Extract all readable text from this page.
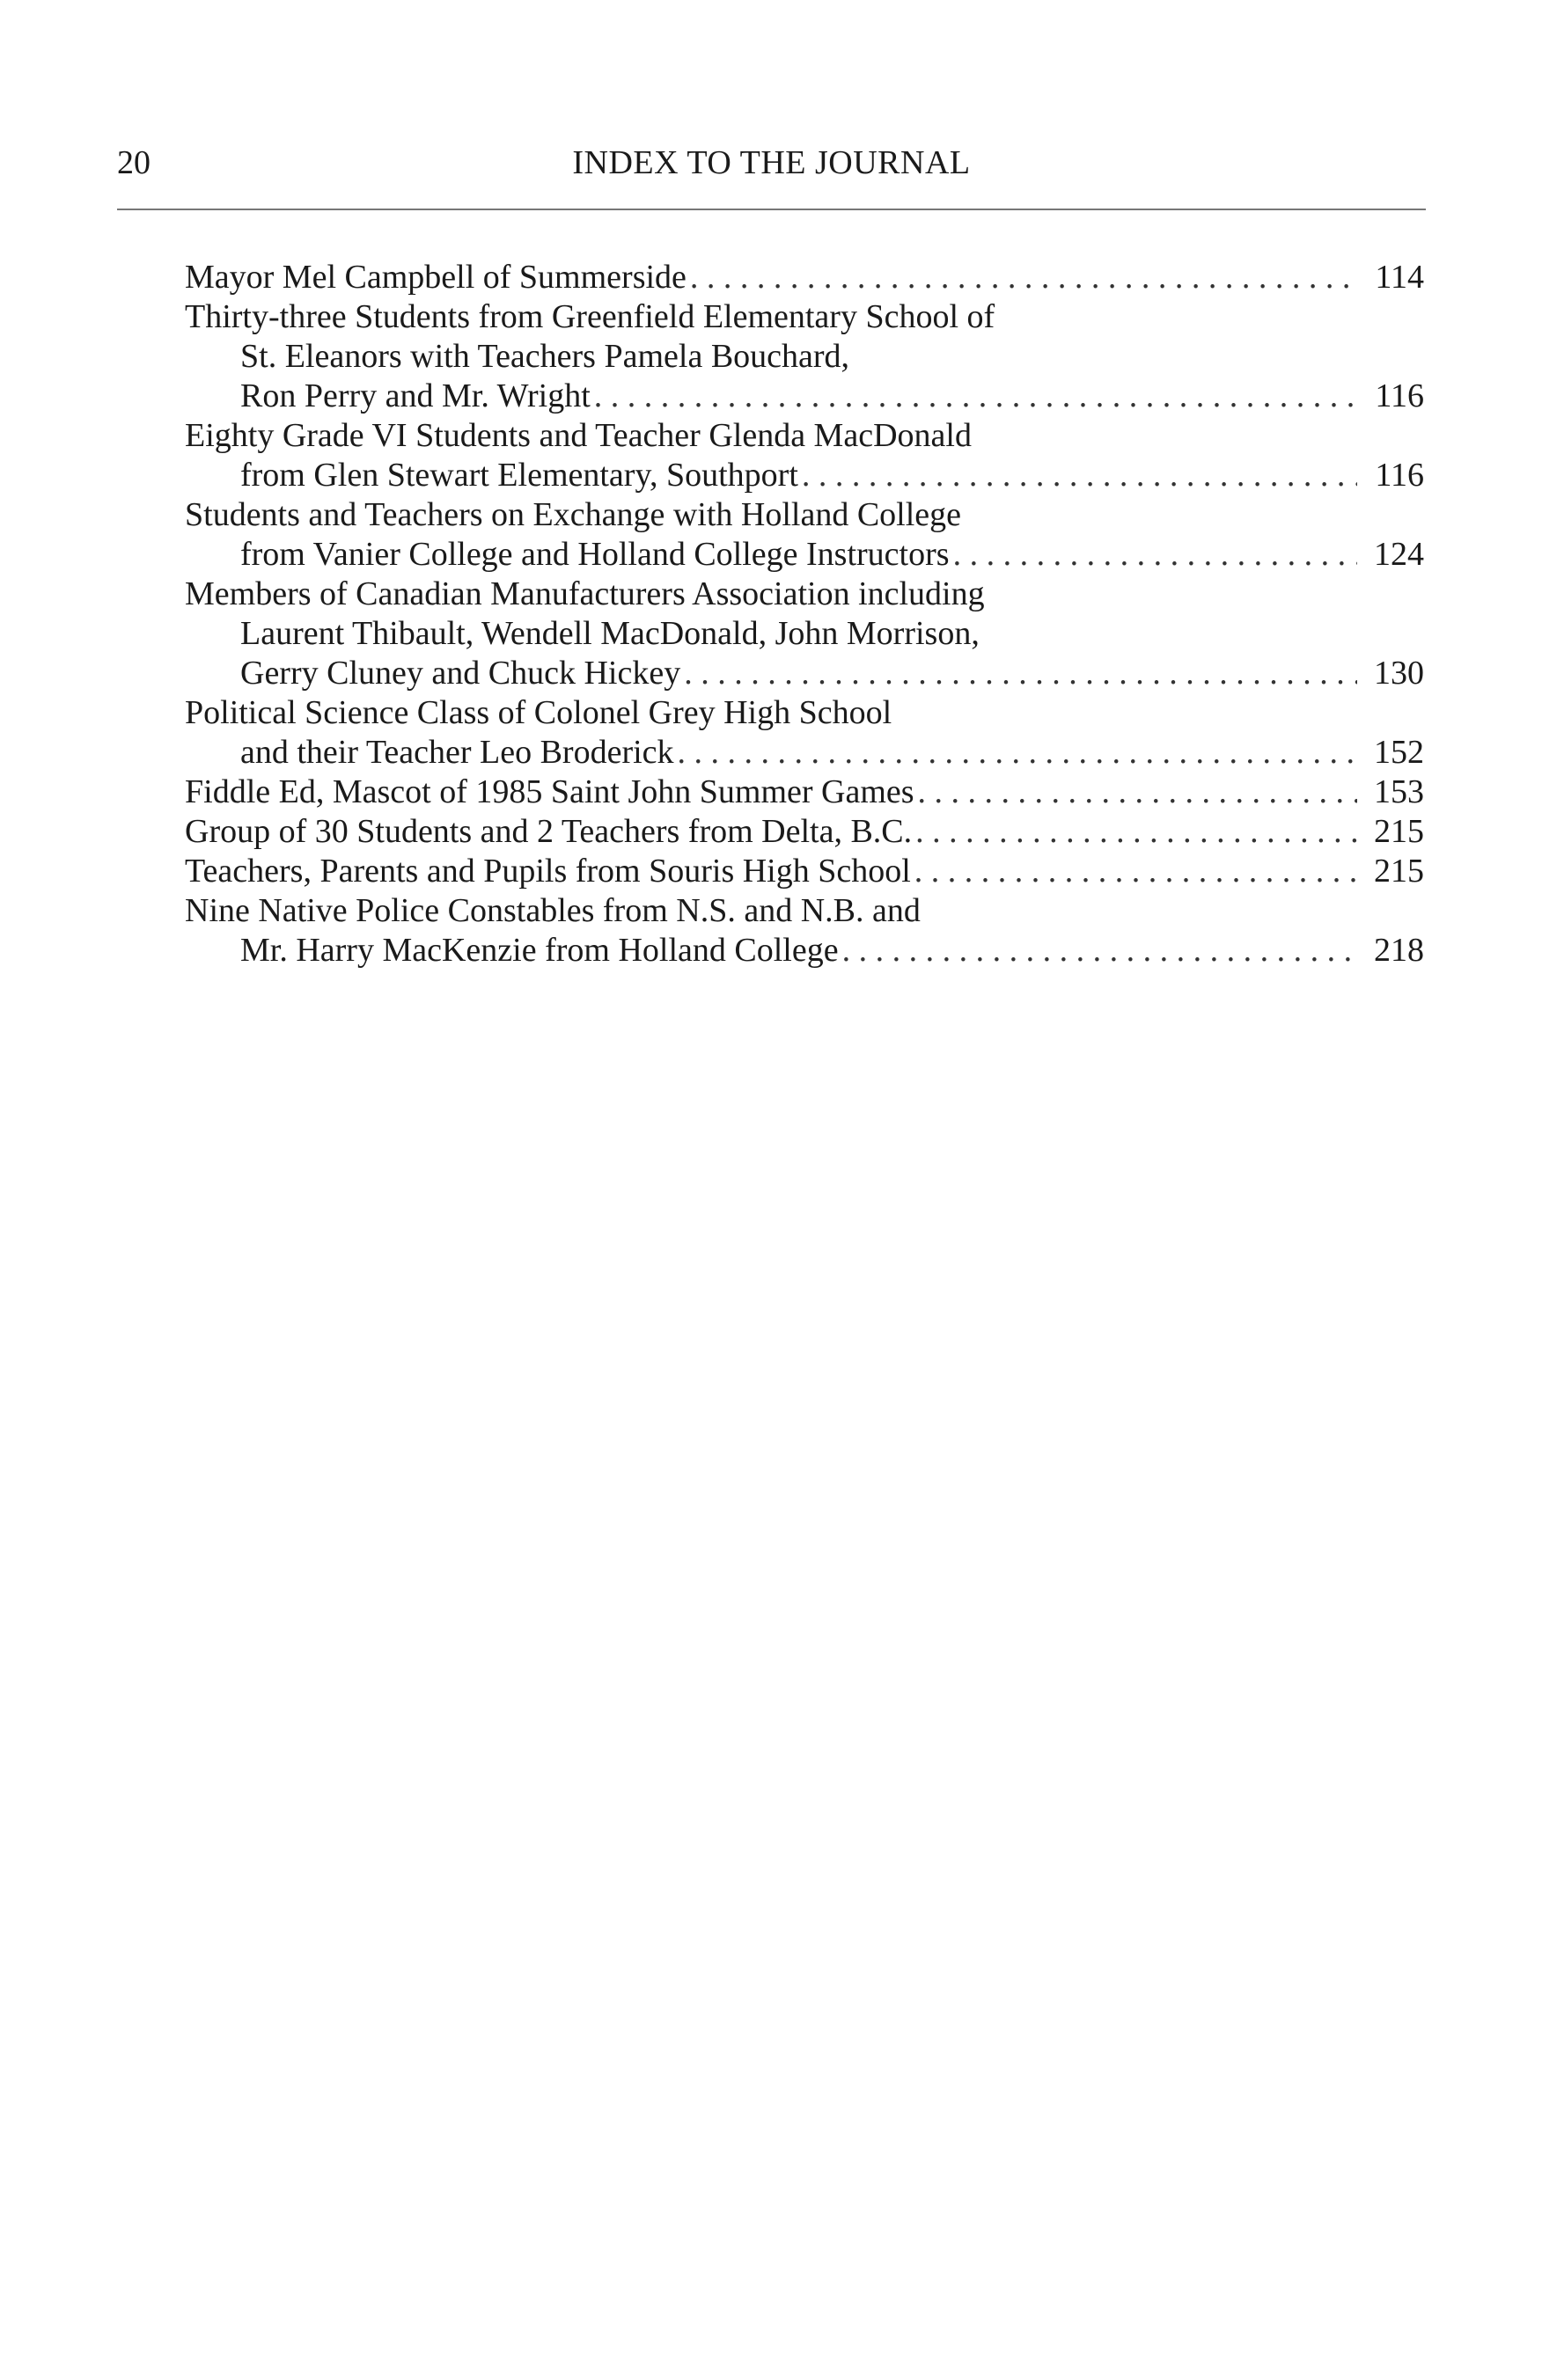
20	INDEX TO THE JOURNAL
Mayor Mel Campbell of Summerside . . .	114
Thirty-three Students from Greenfield Elementary School of
St. Eleanors with Teachers Pamela Bouchard,
Ron Perry and Mr. Wright . . .	116
Eighty Grade VI Students and Teacher Glenda MacDonald
from Glen Stewart Elementary, Southport . . .	116
Students and Teachers on Exchange with Holland College
from Vanier College and Holland College Instructors . . .	124
Members of Canadian Manufacturers Association including
Laurent Thibault, Wendell MacDonald, John Morrison,
Gerry Cluney and Chuck Hickey . . .	130
Political Science Class of Colonel Grey High School
and their Teacher Leo Broderick . . .	152
Fiddle Ed, Mascot of 1985 Saint John Summer Games . . .	153
Group of 30 Students and 2 Teachers from Delta, B.C. . . .	215
Teachers, Parents and Pupils from Souris High School . . .	215
Nine Native Police Constables from N.S. and N.B. and
Mr. Harry MacKenzie from Holland College . . .	218
